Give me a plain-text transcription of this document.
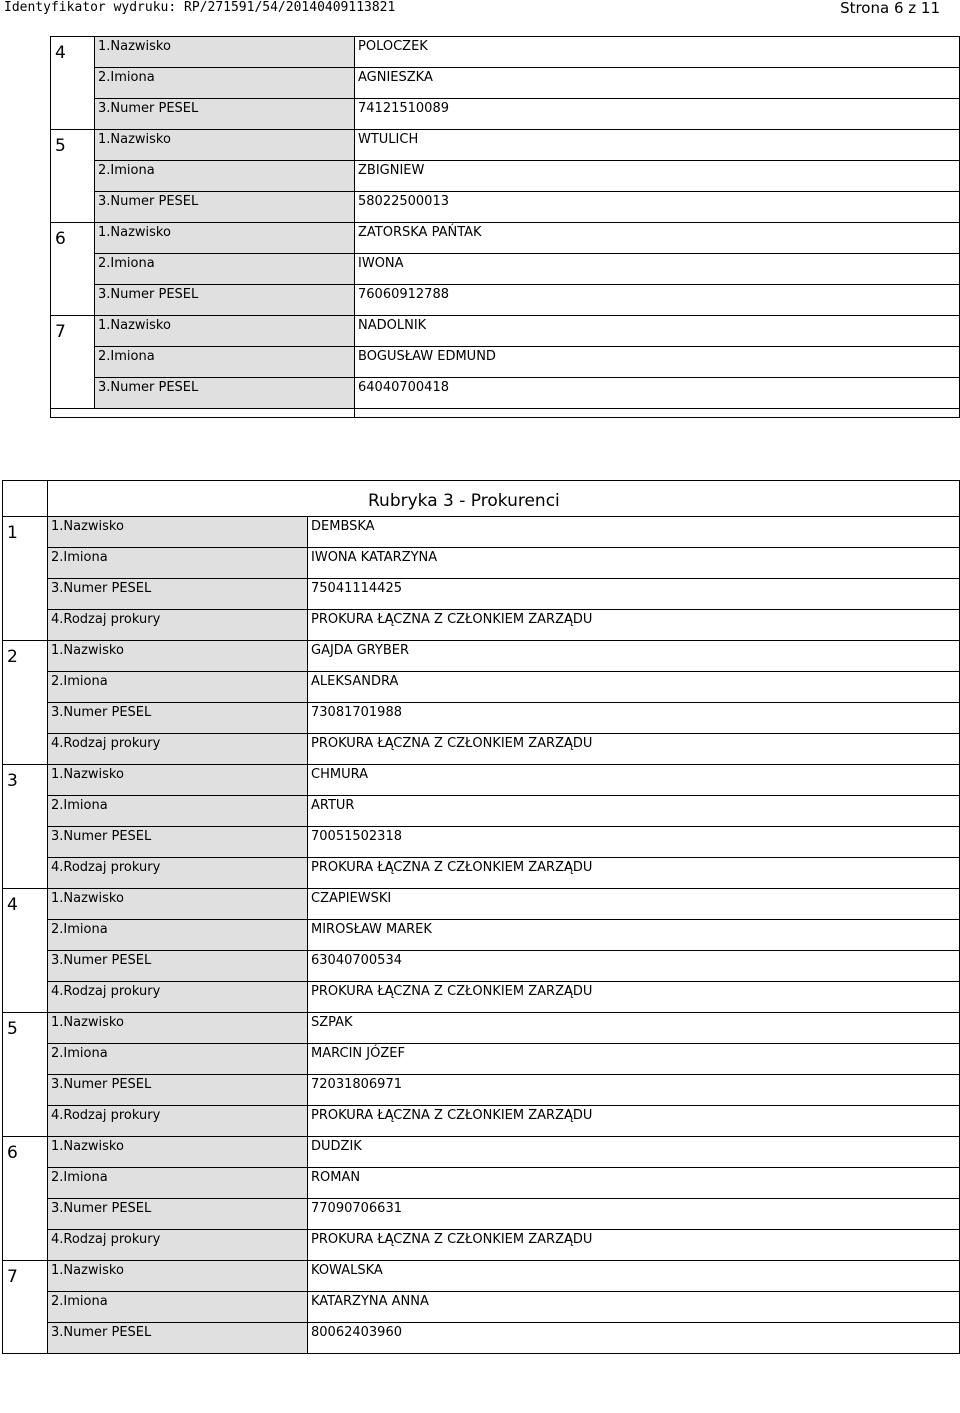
Identyfikator wydruku: RP/271591/54/20140409113821	Strona 6 z 11
4	1.Nazwisko	POLOCZEK
	2.Imiona	AGNIESZKA
	3.Numer PESEL	74121510089
5	1.Nazwisko	WTULICH
	2.Imiona	ZBIGNIEW
	3.Numer PESEL	58022500013
6	1.Nazwisko	ZATORSKA PAŃTAK
	2.Imiona	IWONA
	3.Numer PESEL	76060912788
7	1.Nazwisko	NADOLNIK
	2.Imiona	BOGUSŁAW EDMUND
	3.Numer PESEL	64040700418

	Rubryka 3 - Prokurenci	
1	1.Nazwisko	DEMBSKA
	2.Imiona	IWONA KATARZYNA
	3.Numer PESEL	75041114425
	4.Rodzaj prokury	PROKURA ŁĄCZNA Z CZŁONKIEM ZARZĄDU
2	1.Nazwisko	GAJDA GRYBER
	2.Imiona	ALEKSANDRA
	3.Numer PESEL	73081701988
	4.Rodzaj prokury	PROKURA ŁĄCZNA Z CZŁONKIEM ZARZĄDU
3	1.Nazwisko	CHMURA
	2.Imiona	ARTUR
	3.Numer PESEL	70051502318
	4.Rodzaj prokury	PROKURA ŁĄCZNA Z CZŁONKIEM ZARZĄDU
4	1.Nazwisko	CZAPIEWSKI
	2.Imiona	MIROSŁAW MAREK
	3.Numer PESEL	63040700534
	4.Rodzaj prokury	PROKURA ŁĄCZNA Z CZŁONKIEM ZARZĄDU
5	1.Nazwisko	SZPAK
	2.Imiona	MARCIN JÓZEF
	3.Numer PESEL	72031806971
	4.Rodzaj prokury	PROKURA ŁĄCZNA Z CZŁONKIEM ZARZĄDU
6	1.Nazwisko	DUDZIK
	2.Imiona	ROMAN
	3.Numer PESEL	77090706631
	4.Rodzaj prokury	PROKURA ŁĄCZNA Z CZŁONKIEM ZARZĄDU
7	1.Nazwisko	KOWALSKA
	2.Imiona	KATARZYNA ANNA
	3.Numer PESEL	80062403960
